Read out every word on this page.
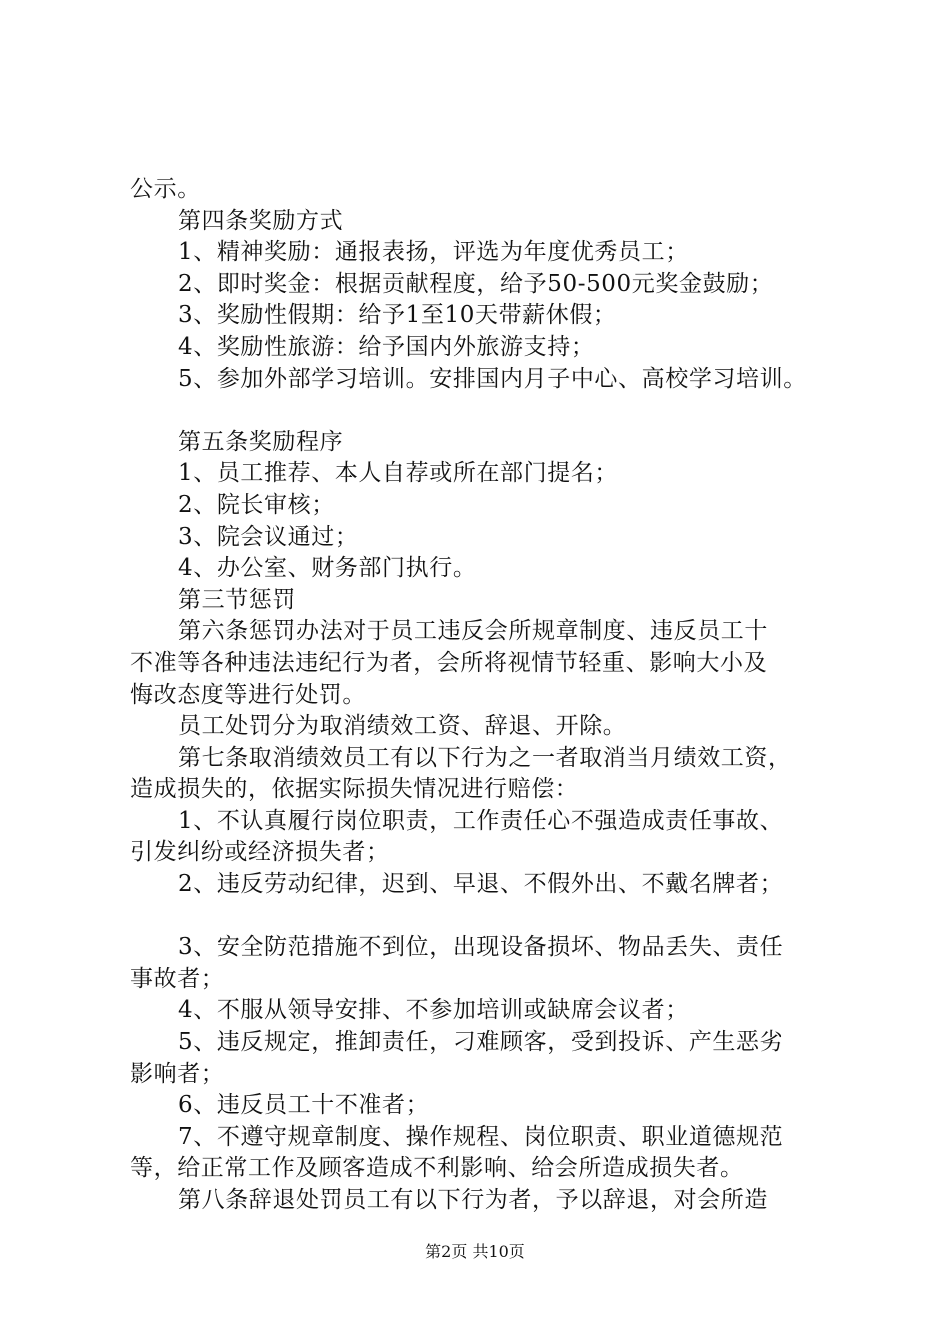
公示。
第四条奖励方式
1、精神奖励：通报表扬，评选为年度优秀员工；
2、即时奖金：根据贡献程度，给予50-500元奖金鼓励；
3、奖励性假期：给予1至10天带薪休假；
4、奖励性旅游：给予国内外旅游支持；
5、参加外部学习培训。安排国内月子中心、高校学习培训。
第五条奖励程序
1、员工推荐、本人自荐或所在部门提名；
2、院长审核；
3、院会议通过；
4、办公室、财务部门执行。
第三节惩罚
第六条惩罚办法对于员工违反会所规章制度、违反员工十
不准等各种违法违纪行为者，会所将视情节轻重、影响大小及
悔改态度等进行处罚。
员工处罚分为取消绩效工资、辞退、开除。
第七条取消绩效员工有以下行为之一者取消当月绩效工资，
造成损失的，依据实际损失情况进行赔偿：
1、不认真履行岗位职责，工作责任心不强造成责任事故、
引发纠纷或经济损失者；
2、违反劳动纪律，迟到、早退、不假外出、不戴名牌者；
3、安全防范措施不到位，出现设备损坏、物品丢失、责任
事故者；
4、不服从领导安排、不参加培训或缺席会议者；
5、违反规定，推卸责任，刁难顾客，受到投诉、产生恶劣
影响者；
6、违反员工十不准者；
7、不遵守规章制度、操作规程、岗位职责、职业道德规范
等，给正常工作及顾客造成不利影响、给会所造成损失者。
第八条辞退处罚员工有以下行为者，予以辞退，对会所造
第2页 共10页
